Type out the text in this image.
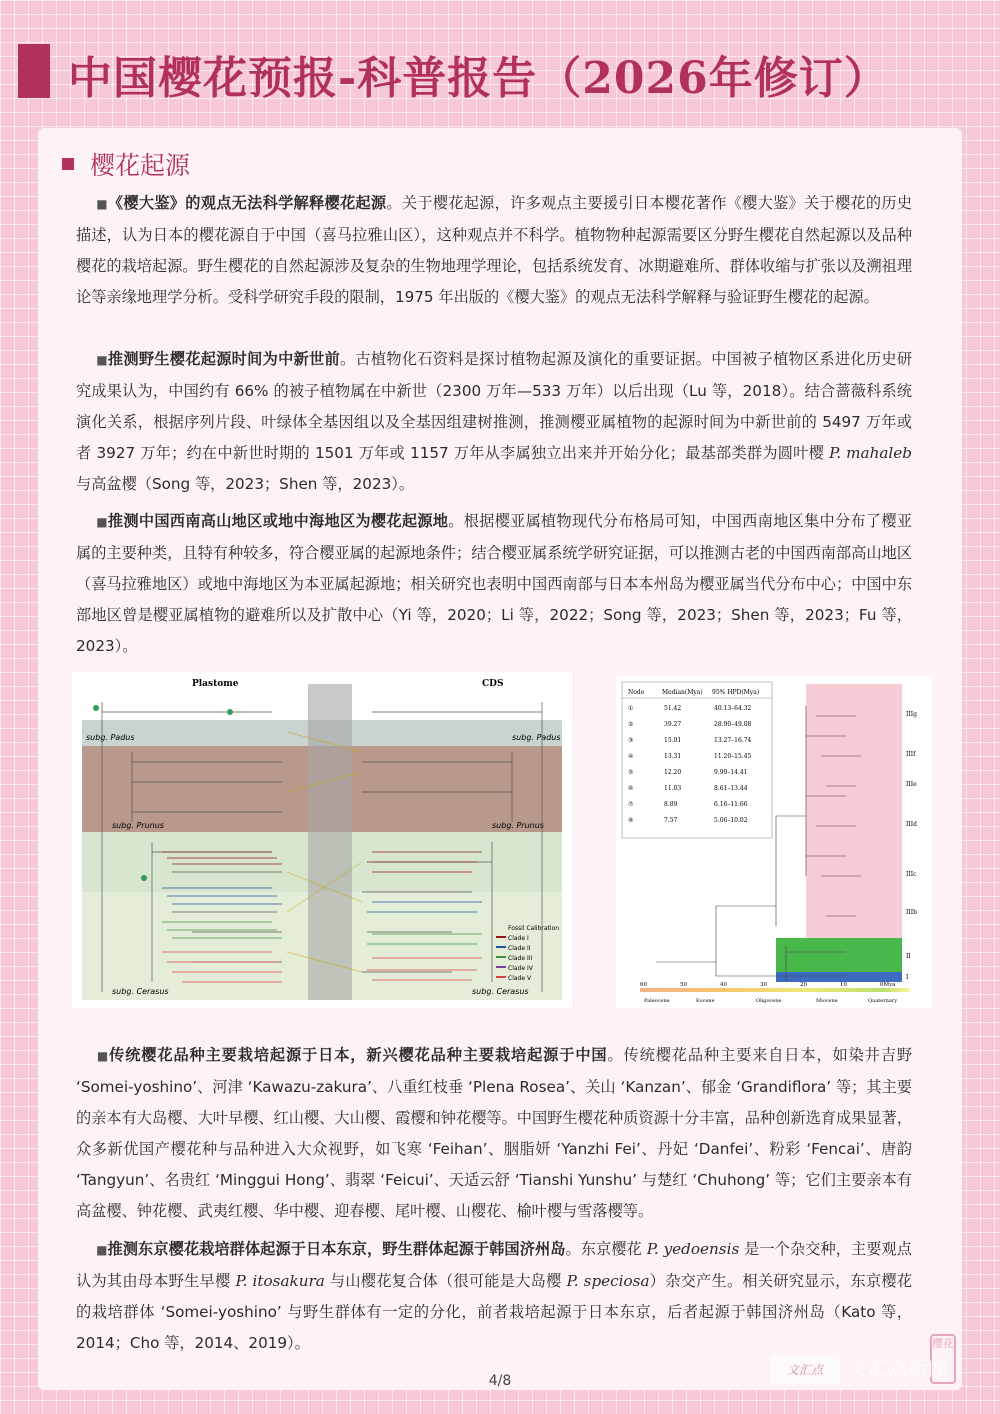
中国樱花预报-科普报告（2026年修订）
樱花起源
  ■《樱大鉴》的观点无法科学解释樱花起源。关于樱花起源，许多观点主要援引日本樱花著作《樱大鉴》关于樱花的历史描述，认为日本的樱花源自于中国（喜马拉雅山区），这种观点并不科学。植物物种起源需要区分野生樱花自然起源以及品种樱花的栽培起源。野生樱花的自然起源涉及复杂的生物地理学理论，包括系统发育、冰期避难所、群体收缩与扩张以及溯祖理论等亲缘地理学分析。受科学研究手段的限制，1975 年出版的《樱大鉴》的观点无法科学解释与验证野生樱花的起源。
  ■推测野生樱花起源时间为中新世前。古植物化石资料是探讨植物起源及演化的重要证据。中国被子植物区系进化历史研究成果认为，中国约有 66% 的被子植物属在中新世（2300 万年—533 万年）以后出现（Lu 等，2018）。结合蔷薇科系统演化关系，根据序列片段、叶绿体全基因组以及全基因组建树推测，推测樱亚属植物的起源时间为中新世前的 5497 万年或者 3927 万年；约在中新世时期的 1501 万年或 1157 万年从李属独立出来并开始分化；最基部类群为圆叶樱 P. mahaleb 与高盆樱（Song 等，2023；Shen 等，2023）。
  ■推测中国西南高山地区或地中海地区为樱花起源地。根据樱亚属植物现代分布格局可知，中国西南地区集中分布了樱亚属的主要种类，且特有种较多，符合樱亚属的起源地条件；结合樱亚属系统学研究证据，可以推测古老的中国西南部高山地区（喜马拉雅地区）或地中海地区为本亚属起源地；相关研究也表明中国西南部与日本本州岛为樱亚属当代分布中心；中国中东部地区曾是樱亚属植物的避难所以及扩散中心（Yi 等，2020；Li 等，2022；Song 等，2023；Shen 等，2023；Fu 等，2023）。
Plastome	CDS
subg. Padus	subg. Padus
subg. Prunus	subg. Prunus
subg. Cerasus	subg. Cerasus
Fossil Calibration
Clade I
Clade II
Clade III
Clade IV
Clade V
Node	Median(Mya) 95% HPD(Mya)
①	51.42	40.13–64.32
②	39.27	28.90–49.08
③	15.01	13.27–16.74
④	13.31	11.20–15.45
⑤	12.20	9.99–14.41
⑥	11.03	8.61–13.44
⑦	8.89	6.16–11.66
⑧	7.57	5.06–10.02
IIIg
IIIf
IIIe
IIId
IIIc
IIIb
II
I
60	50	40	30	20	10	0Mya
Paleocene	Eocene	Oligocene	Miocene	Quaternary
  ■传统樱花品种主要栽培起源于日本，新兴樱花品种主要栽培起源于中国。传统樱花品种主要来自日本，如染井吉野 ‘Somei-yoshino’、河津 ‘Kawazu-zakura’、八重红枝垂 ‘Plena Rosea’、关山 ‘Kanzan’、郁金 ‘Grandiflora’ 等；其主要的亲本有大岛樱、大叶早樱、红山樱、大山樱、霞樱和钟花樱等。中国野生樱花种质资源十分丰富，品种创新选育成果显著，众多新优国产樱花种与品种进入大众视野，如飞寒 ‘Feihan’、胭脂妍 ‘Yanzhi Fei’、丹妃 ‘Danfei’、粉彩 ‘Fencai’、唐韵 ‘Tangyun’、名贵红 ‘Minggui Hong’、翡翠 ‘Feicui’、天适云舒 ‘Tianshi Yunshu’ 与楚红 ‘Chuhong’ 等；它们主要亲本有高盆樱、钟花樱、武夷红樱、华中樱、迎春樱、尾叶樱、山樱花、榆叶樱与雪落樱等。
  ■推测东京樱花栽培群体起源于日本东京，野生群体起源于韩国济州岛。东京樱花 P. yedoensis 是一个杂交种，主要观点认为其由母本野生早樱 P. itosakura 与山樱花复合体（很可能是大岛樱 P. speciosa）杂交产生。相关研究显示，东京樱花的栽培群体 ‘Somei-yoshino’ 与野生群体有一定的分化，前者栽培起源于日本东京，后者起源于韩国济州岛（Kato 等，2014；Cho 等，2014、2019）。
4/8
樱花
文汇点 文汇点新闻
